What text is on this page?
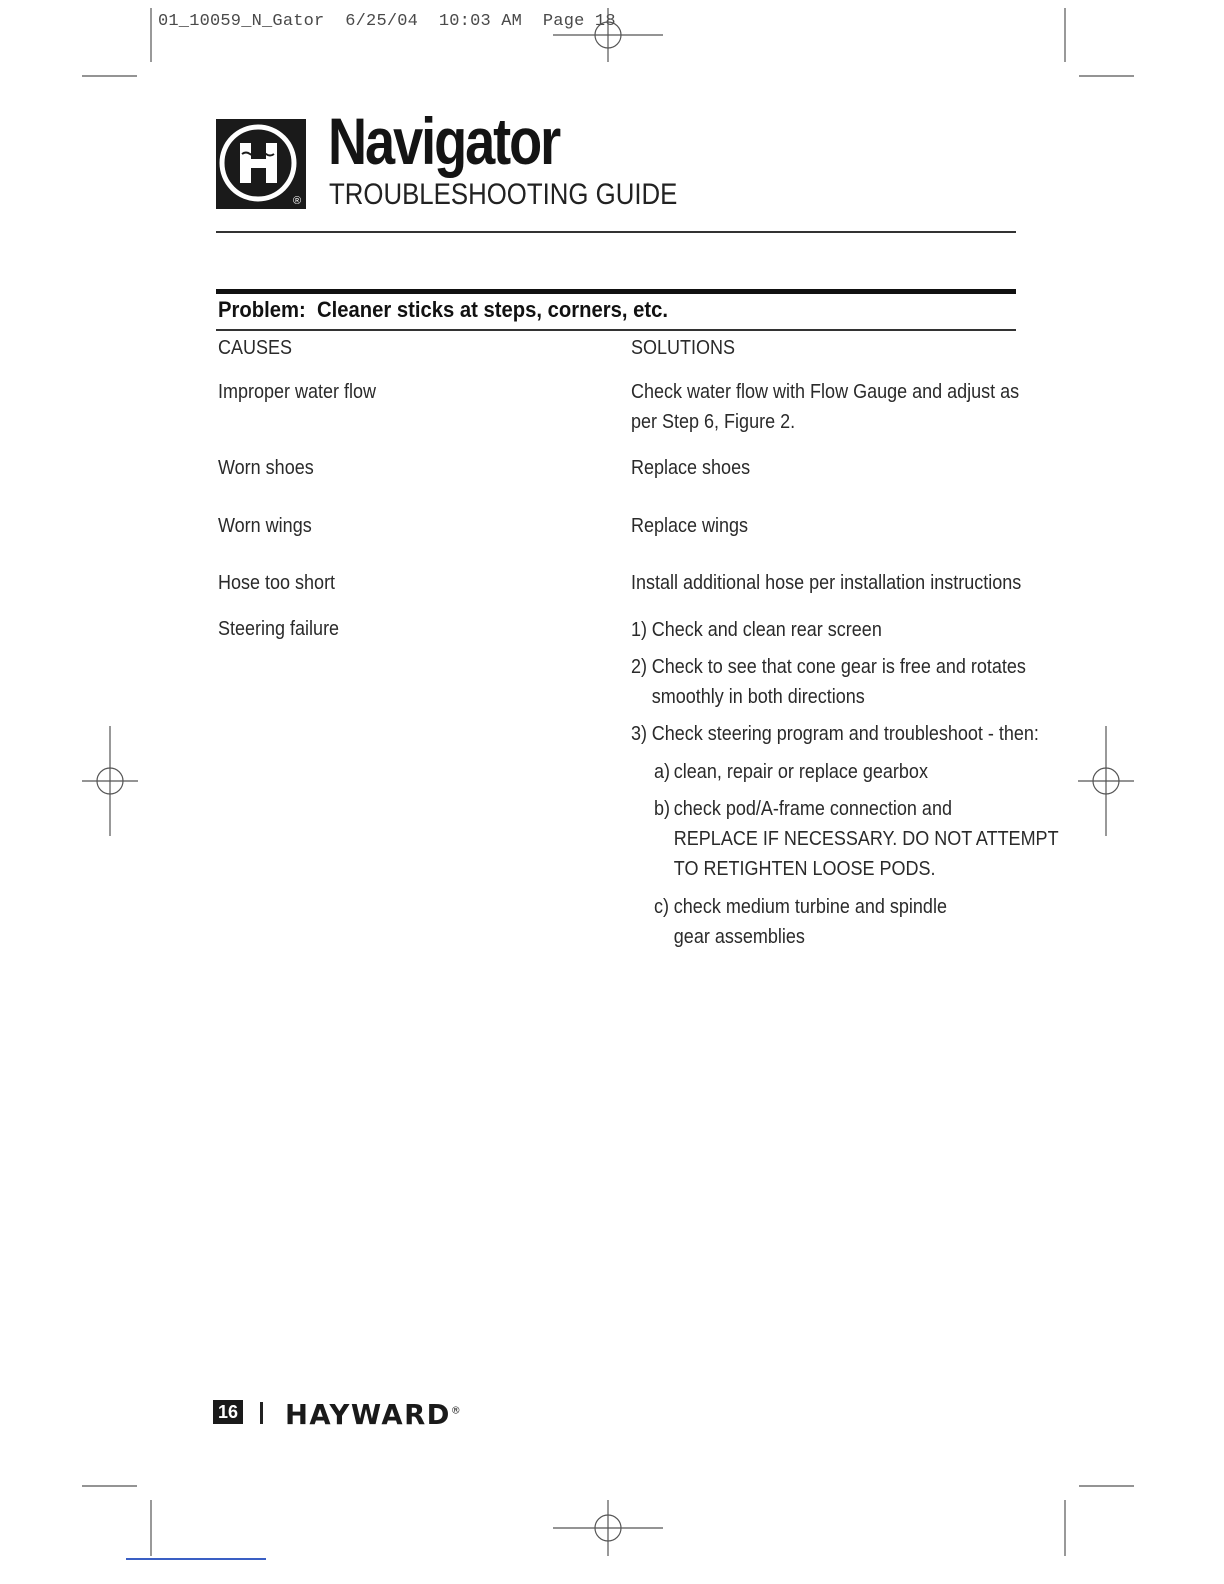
01_10059_N_Gator 6/25/04 10:03 AM Page 18
®
Navigator
TROUBLESHOOTING GUIDE
Problem: Cleaner sticks at steps, corners, etc.
CAUSES	SOLUTIONS
Improper water flow	Check water flow with Flow Gauge and adjust as
per Step 6, Figure 2.
Worn shoes	Replace shoes
Worn wings	Replace wings
Hose too short	Install additional hose per installation instructions
Steering failure	1) Check and clean rear screen
2) Check to see that cone gear is free and rotates
smoothly in both directions
3) Check steering program and troubleshoot - then:
a) clean, repair or replace gearbox
b) check pod/A-frame connection and
REPLACE IF NECESSARY. DO NOT ATTEMPT
TO RETIGHTEN LOOSE PODS.
c) check medium turbine and spindle
gear assemblies
16 HAYWARD®
